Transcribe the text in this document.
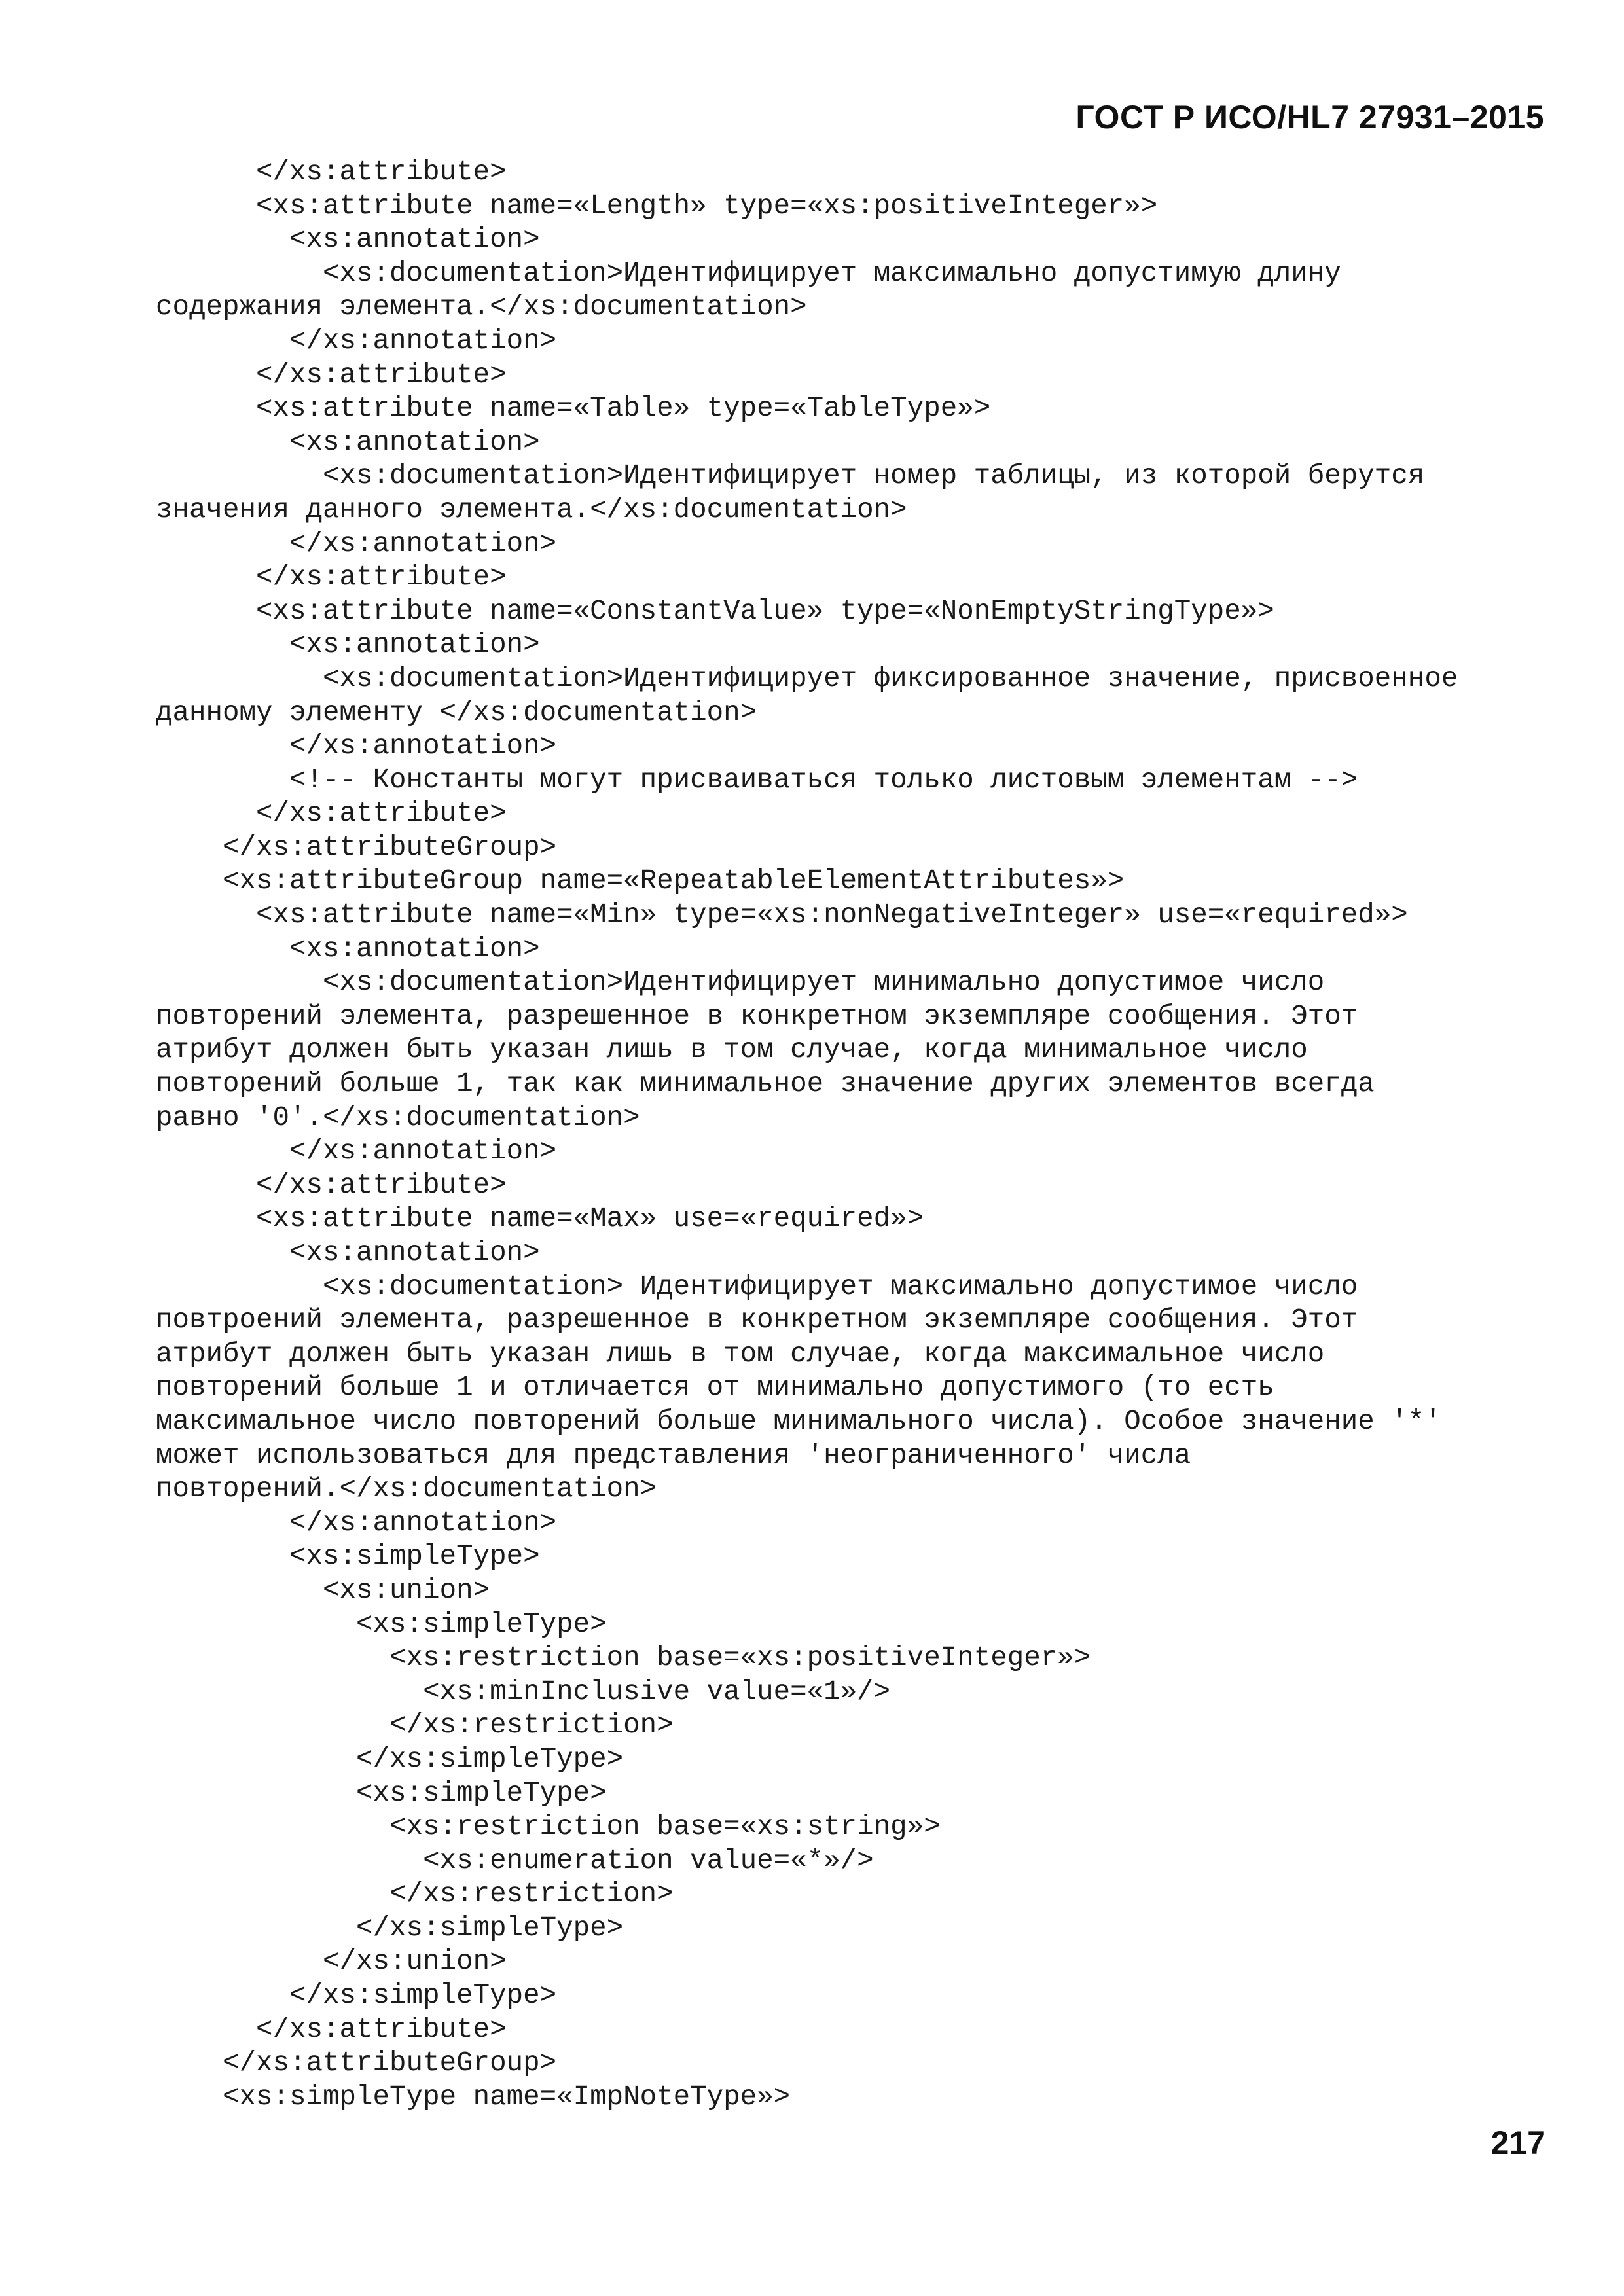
ГОСТ Р ИСО/HL7 27931–2015
</xs:attribute>
<xs:attribute name=«Length» type=«xs:positiveInteger»>
<xs:annotation>
<xs:documentation>Идентифицирует максимально допустимую длину
содержания элемента.</xs:documentation>
</xs:annotation>
</xs:attribute>
<xs:attribute name=«Table» type=«TableType»>
<xs:annotation>
<xs:documentation>Идентифицирует номер таблицы, из которой берутся
значения данного элемента.</xs:documentation>
</xs:annotation>
</xs:attribute>
<xs:attribute name=«ConstantValue» type=«NonEmptyStringType»>
<xs:annotation>
<xs:documentation>Идентифицирует фиксированное значение, присвоенное
данному элементу </xs:documentation>
</xs:annotation>
<!-- Константы могут присваиваться только листовым элементам -->
</xs:attribute>
</xs:attributeGroup>
<xs:attributeGroup name=«RepeatableElementAttributes»>
<xs:attribute name=«Min» type=«xs:nonNegativeInteger» use=«required»>
<xs:annotation>
<xs:documentation>Идентифицирует минимально допустимое число
повторений элемента, разрешенное в конкретном экземпляре сообщения. Этот
атрибут должен быть указан лишь в том случае, когда минимальное число
повторений больше 1, так как минимальное значение других элементов всегда
равно '0'.</xs:documentation>
</xs:annotation>
</xs:attribute>
<xs:attribute name=«Max» use=«required»>
<xs:annotation>
<xs:documentation> Идентифицирует максимально допустимое число
повтроений элемента, разрешенное в конкретном экземпляре сообщения. Этот
атрибут должен быть указан лишь в том случае, когда максимальное число
повторений больше 1 и отличается от минимально допустимого (то есть
максимальное число повторений больше минимального числа). Особое значение '*'
может использоваться для представления 'неограниченного' числа
повторений.</xs:documentation>
</xs:annotation>
<xs:simpleType>
<xs:union>
<xs:simpleType>
<xs:restriction base=«xs:positiveInteger»>
<xs:minInclusive value=«1»/>
</xs:restriction>
</xs:simpleType>
<xs:simpleType>
<xs:restriction base=«xs:string»>
<xs:enumeration value=«*»/>
</xs:restriction>
</xs:simpleType>
</xs:union>
</xs:simpleType>
</xs:attribute>
</xs:attributeGroup>
<xs:simpleType name=«ImpNoteType»>

217
